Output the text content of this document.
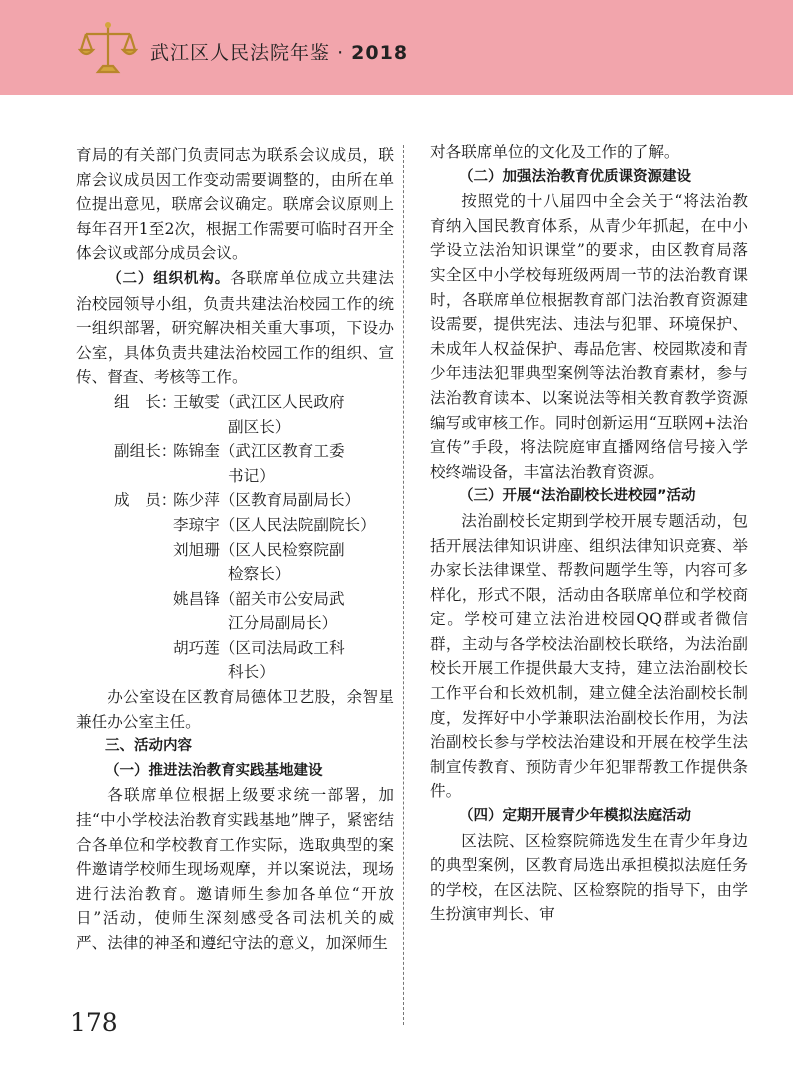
武江区人民法院年鉴 · 2018

育局的有关部门负责同志为联系会议成员，联席会议成员因工作变动需要调整的，由所在单位提出意见，联席会议确定。联席会议原则上每年召开1至2次，根据工作需要可临时召开全体会议或部分成员会议。

（二）组织机构。各联席单位成立共建法治校园领导小组，负责共建法治校园工作的统一组织部署，研究解决相关重大事项，下设办公室，具体负责共建法治校园工作的组织、宣传、督查、考核等工作。

组　长：
王敏雯（武江区人民政府
副区长）
副组长：
陈锦奎（武江区教育工委
书记）
成　员：
陈少萍（区教育局副局长）
李琼宇（区人民法院副院长）
刘旭珊（区人民检察院副
检察长）
姚昌锋（韶关市公安局武
江分局副局长）
胡巧莲（区司法局政工科
科长）

办公室设在区教育局德体卫艺股，余智星兼任办公室主任。

三、活动内容

（一）推进法治教育实践基地建设

各联席单位根据上级要求统一部署，加挂“中小学校法治教育实践基地”牌子，紧密结合各单位和学校教育工作实际，选取典型的案件邀请学校师生现场观摩，并以案说法，现场进行法治教育。邀请师生参加各单位“开放日”活动，使师生深刻感受各司法机关的威严、法律的神圣和遵纪守法的意义，加深师生

对各联席单位的文化及工作的了解。

（二）加强法治教育优质课资源建设

按照党的十八届四中全会关于“将法治教育纳入国民教育体系，从青少年抓起，在中小学设立法治知识课堂”的要求，由区教育局落实全区中小学校每班级两周一节的法治教育课时，各联席单位根据教育部门法治教育资源建设需要，提供宪法、违法与犯罪、环境保护、未成年人权益保护、毒品危害、校园欺凌和青少年违法犯罪典型案例等法治教育素材，参与法治教育读本、以案说法等相关教育教学资源编写或审核工作。同时创新运用“互联网+法治宣传”手段，将法院庭审直播网络信号接入学校终端设备，丰富法治教育资源。

（三）开展“法治副校长进校园”活动

法治副校长定期到学校开展专题活动，包括开展法律知识讲座、组织法律知识竞赛、举办家长法律课堂、帮教问题学生等，内容可多样化，形式不限，活动由各联席单位和学校商定。学校可建立法治进校园QQ群或者微信群，主动与各学校法治副校长联络，为法治副校长开展工作提供最大支持，建立法治副校长工作平台和长效机制，建立健全法治副校长制度，发挥好中小学兼职法治副校长作用，为法治副校长参与学校法治建设和开展在校学生法制宣传教育、预防青少年犯罪帮教工作提供条件。

（四）定期开展青少年模拟法庭活动

区法院、区检察院筛选发生在青少年身边的典型案例，区教育局选出承担模拟法庭任务的学校，在区法院、区检察院的指导下，由学生扮演审判长、审

178
